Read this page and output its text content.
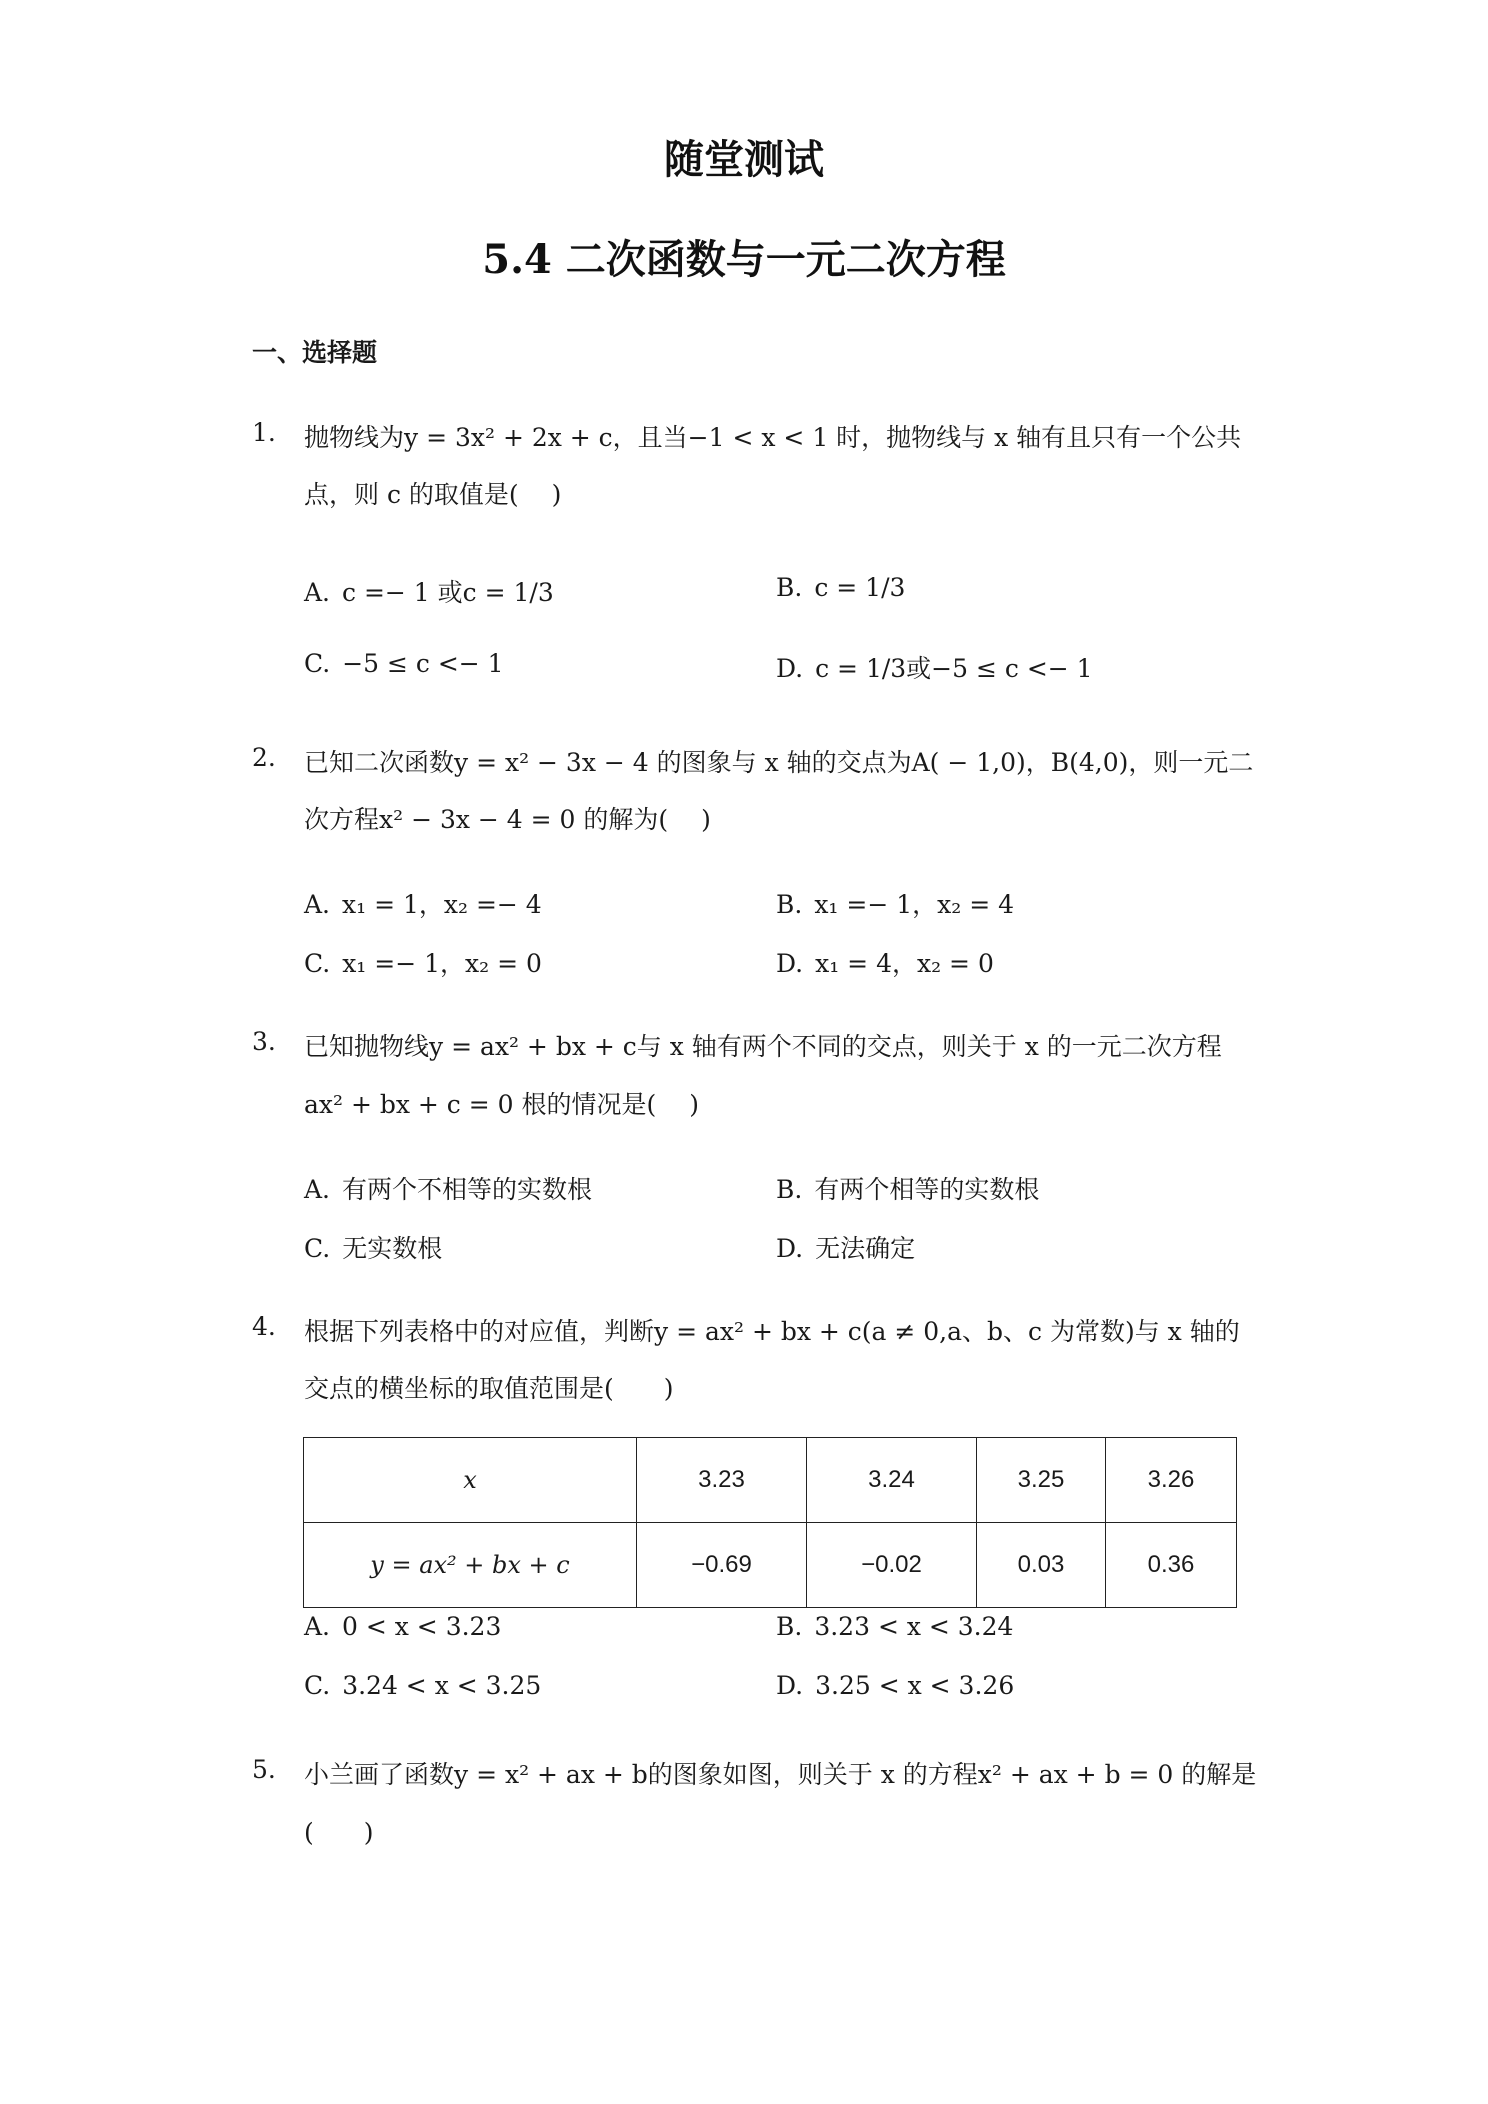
随堂测试
5.4 二次函数与一元二次方程
一、选择题
1. 抛物线为y = 3x² + 2x + c，且当−1 < x < 1 时，抛物线与 x 轴有且只有一个公共
点，则 c 的取值是(　 )
A. c =− 1 或c = 1/3	B. c = 1/3
C. −5 ≤ c <− 1	D. c = 1/3或−5 ≤ c <− 1
2. 已知二次函数y = x² − 3x − 4 的图象与 x 轴的交点为A( − 1,0)，B(4,0)，则一元二
次方程x² − 3x − 4 = 0 的解为(　 )
A. x₁ = 1，x₂ =− 4	B. x₁ =− 1，x₂ = 4
C. x₁ =− 1，x₂ = 0	D. x₁ = 4，x₂ = 0
3. 已知抛物线y = ax² + bx + c与 x 轴有两个不同的交点，则关于 x 的一元二次方程
ax² + bx + c = 0 根的情况是(　 )
A. 有两个不相等的实数根	B. 有两个相等的实数根
C. 无实数根	D. 无法确定
4. 根据下列表格中的对应值，判断y = ax² + bx + c(a ≠ 0,a、b、c 为常数)与 x 轴的
交点的横坐标的取值范围是(　　)
x	3.23	3.24	3.25	3.26
y = ax² + bx + c	−0.69	−0.02	0.03	0.36
A. 0 < x < 3.23	B. 3.23 < x < 3.24
C. 3.24 < x < 3.25	D. 3.25 < x < 3.26
5. 小兰画了函数y = x² + ax + b的图象如图，则关于 x 的方程x² + ax + b = 0 的解是
(　　)
